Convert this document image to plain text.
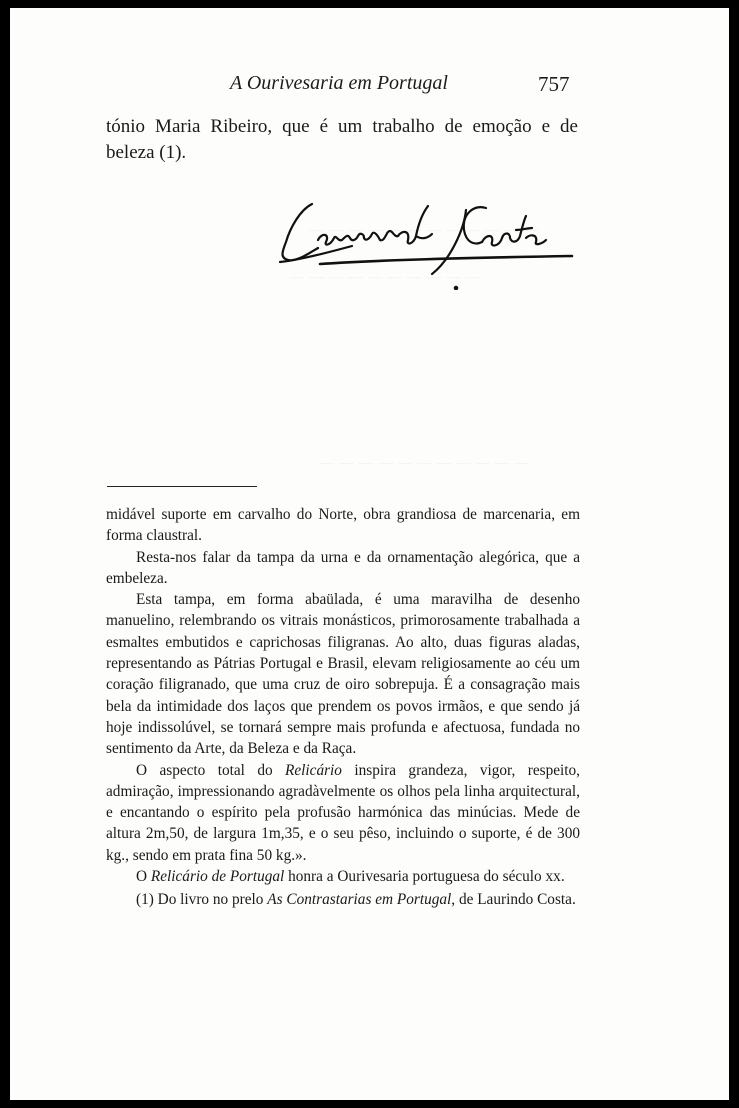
— — — — — — — — — — — —
— — — — — — — — — —
— — — — — — — — — — —
A Ourivesaria em Portugal	757
tónio Maria Ribeiro, que é um trabalho de emoção e de beleza (1).

midável suporte em carvalho do Norte, obra grandiosa de marcenaria, em forma claustral.

Resta-nos falar da tampa da urna e da ornamentação alegórica, que a embeleza.

Esta tampa, em forma abaülada, é uma maravilha de desenho manuelino, relembrando os vitrais monásticos, primorosamente trabalhada a esmaltes embutidos e caprichosas filigranas. Ao alto, duas figuras aladas, representando as Pátrias Portugal e Brasil, elevam religiosamente ao céu um coração filigranado, que uma cruz de oiro sobrepuja. É a consagração mais bela da intimidade dos laços que prendem os povos irmãos, e que sendo já hoje indissolúvel, se tornará sempre mais profunda e afectuosa, fundada no sentimento da Arte, da Beleza e da Raça.

O aspecto total do Relicário inspira grandeza, vigor, respeito, admiração, impressionando agradàvelmente os olhos pela linha arquitectural, e encantando o espírito pela profusão harmónica das minúcias. Mede de altura 2m,50, de largura 1m,35, e o seu pêso, incluindo o suporte, é de 300 kg., sendo em prata fina 50 kg.».

O Relicário de Portugal honra a Ourivesaria portuguesa do século xx.

(1) Do livro no prelo As Contrastarias em Portugal, de Laurindo Costa.
